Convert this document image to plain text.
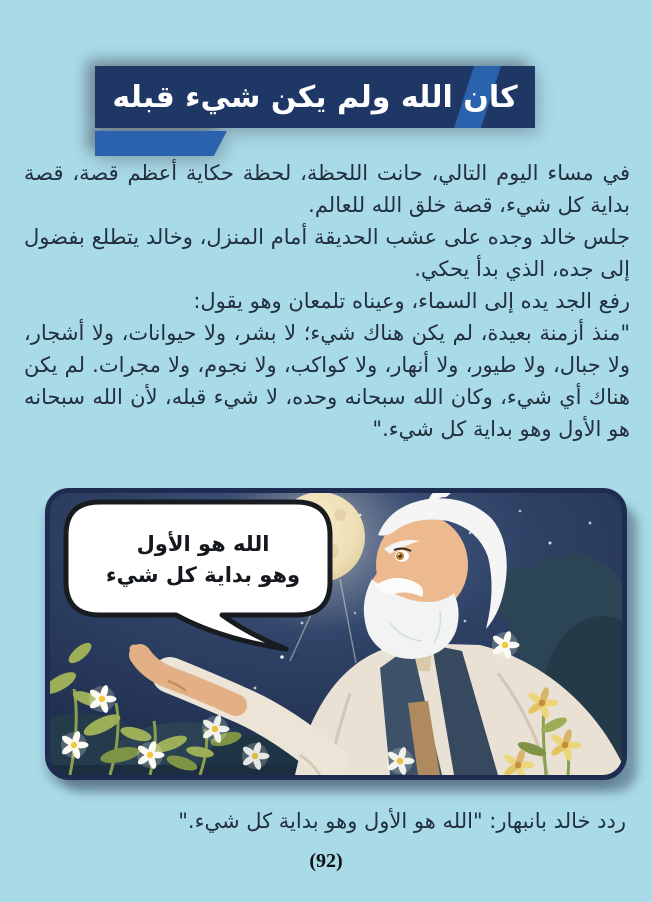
كان الله ولم يكن شيء قبله

في مساء اليوم التالي، حانت اللحظة، لحظة حكاية أعظم قصة، قصة بداية كل شيء، قصة خلق الله للعالم.

جلس خالد وجده على عشب الحديقة أمام المنزل، وخالد يتطلع بفضول إلى جده، الذي بدأ يحكي.

رفع الجد يده إلى السماء، وعيناه تلمعان وهو يقول:

"منذ أزمنة بعيدة، لم يكن هناك شيء؛ لا بشر، ولا حيوانات، ولا أشجار، ولا جبال، ولا طيور، ولا أنهار، ولا كواكب، ولا نجوم، ولا مجرات. لم يكن هناك أي شيء، وكان الله سبحانه وحده، لا شيء قبله، لأن الله سبحانه هو الأول وهو بداية كل شيء."

الله هو الأول
وهو بداية كل شيء

ردد خالد بانبهار: "الله هو الأول وهو بداية كل شيء."

(92)
